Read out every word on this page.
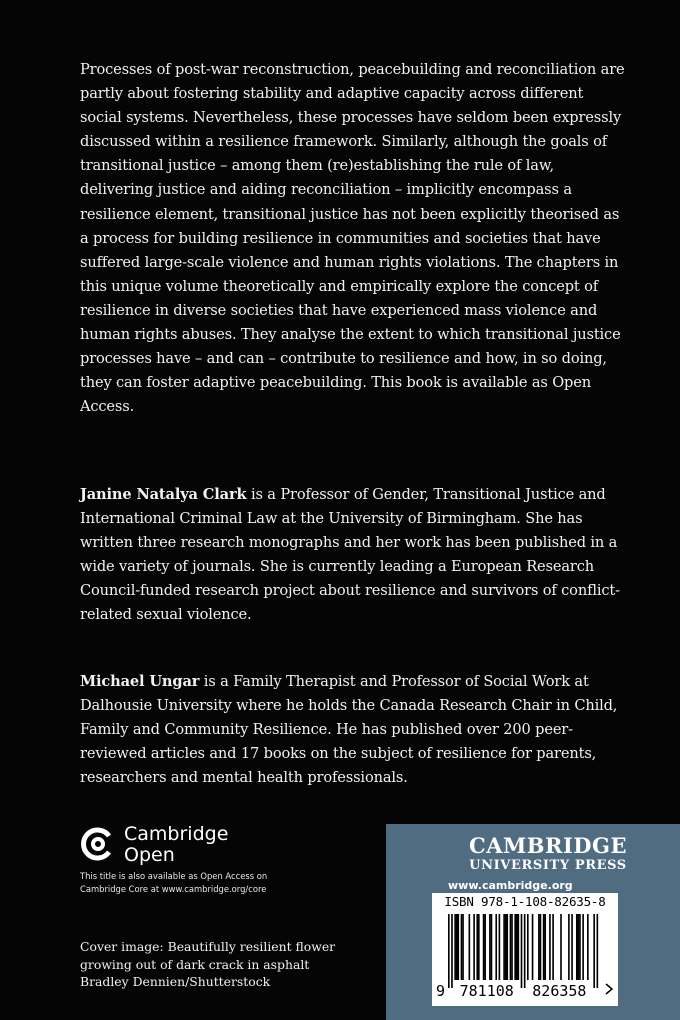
Processes of post-war reconstruction, peacebuilding and reconciliation are partly about fostering stability and adaptive capacity across different social systems. Nevertheless, these processes have seldom been expressly discussed within a resilience framework. Similarly, although the goals of transitional justice – among them (re)establishing the rule of law, delivering justice and aiding reconciliation – implicitly encompass a resilience element, transitional justice has not been explicitly theorised as a process for building resilience in communities and societies that have suffered large-scale violence and human rights violations. The chapters in this unique volume theoretically and empirically explore the concept of resilience in diverse societies that have experienced mass violence and human rights abuses. They analyse the extent to which transitional justice processes have – and can – contribute to resilience and how, in so doing, they can foster adaptive peacebuilding. This book is available as Open Access.

Janine Natalya Clark is a Professor of Gender, Transitional Justice and International Criminal Law at the University of Birmingham. She has written three research monographs and her work has been published in a wide variety of journals. She is currently leading a European Research Council-funded research project about resilience and survivors of conflict-related sexual violence.

Michael Ungar is a Family Therapist and Professor of Social Work at Dalhousie University where he holds the Canada Research Chair in Child, Family and Community Resilience. He has published over 200 peer-reviewed articles and 17 books on the subject of resilience for parents, researchers and mental health professionals.

Cambridge
Open
This title is also available as Open Access on
Cambridge Core at www.cambridge.org/core
Cover image: Beautifully resilient flower
growing out of dark crack in asphalt
Bradley Dennien/Shutterstock
CAMBRIDGE
UNIVERSITY PRESS
www.cambridge.org
ISBN 978-1-108-82635-8
9 781108 826358
